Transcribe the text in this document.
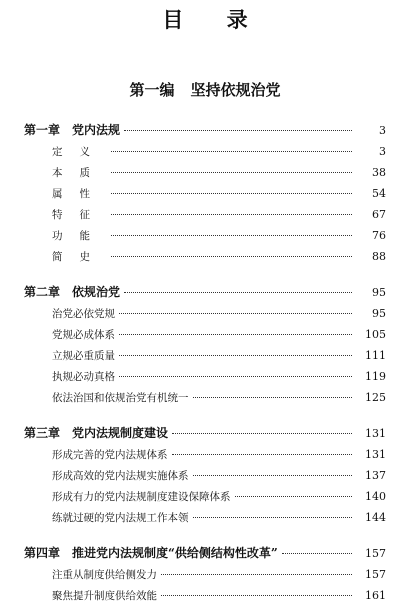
目 录
第一编 坚持依规治党
第一章 党内法规	3
定义	3
本质	38
属性	54
特征	67
功能	76
简史	88
第二章 依规治党	95
治党必依党规	95
党规必成体系	105
立规必重质量	111
执规必动真格	119
依法治国和依规治党有机统一	125
第三章 党内法规制度建设	131
形成完善的党内法规体系	131
形成高效的党内法规实施体系	137
形成有力的党内法规制度建设保障体系	140
练就过硬的党内法规工作本领	144
第四章 推进党内法规制度“供给侧结构性改革”	157
注重从制度供给侧发力	157
聚焦提升制度供给效能	161
